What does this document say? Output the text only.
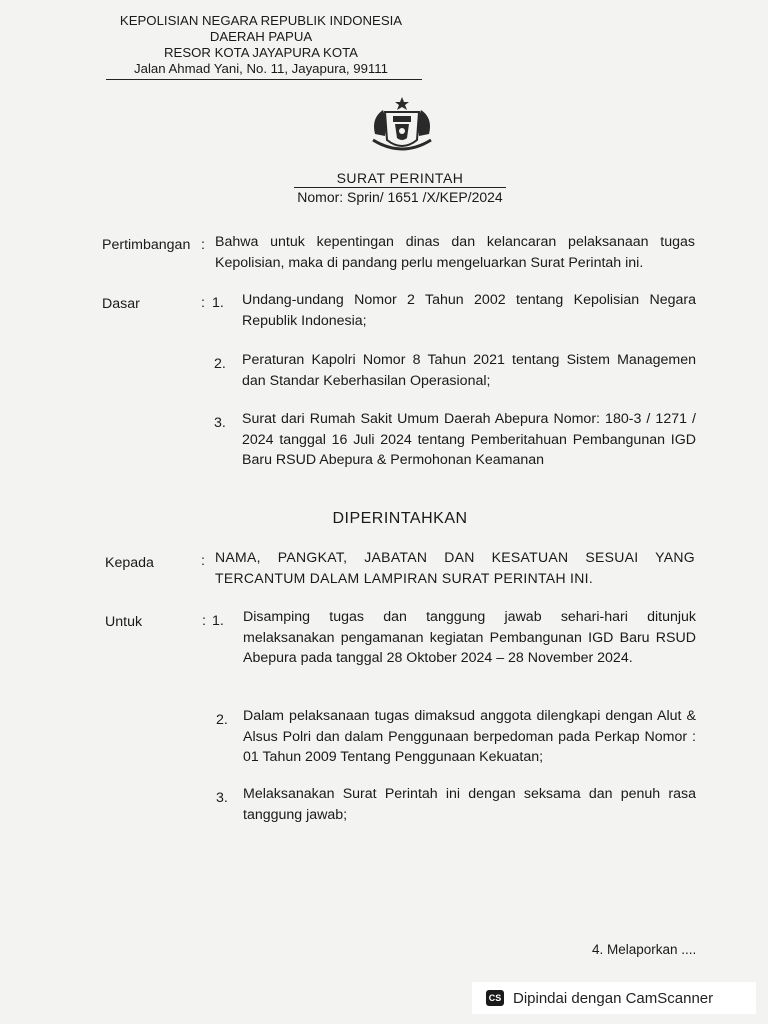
KEPOLISIAN NEGARA REPUBLIK INDONESIA
DAERAH PAPUA
RESOR KOTA JAYAPURA KOTA
Jalan Ahmad Yani, No. 11, Jayapura, 99111
SURAT PERINTAH
Nomor: Sprin/ 1651 /X/KEP/2024
Pertimbangan : Bahwa untuk kepentingan dinas dan kelancaran pelaksanaan tugas Kepolisian, maka di pandang perlu mengeluarkan Surat Perintah ini.
Dasar	: 1. Undang-undang Nomor 2 Tahun 2002 tentang Kepolisian Negara Republik Indonesia;
2. Peraturan Kapolri Nomor 8 Tahun 2021 tentang Sistem Managemen dan Standar Keberhasilan Operasional;
3. Surat dari Rumah Sakit Umum Daerah Abepura Nomor: 180-3 / 1271 / 2024 tanggal 16 Juli 2024 tentang Pemberitahuan Pembangunan IGD Baru RSUD Abepura & Permohonan Keamanan
DIPERINTAHKAN
Kepada	: NAMA, PANGKAT, JABATAN DAN KESATUAN SESUAI YANG TERCANTUM DALAM LAMPIRAN SURAT PERINTAH INI.
Untuk	: 1. Disamping tugas dan tanggung jawab sehari-hari ditunjuk melaksanakan pengamanan kegiatan Pembangunan IGD Baru RSUD Abepura pada tanggal 28 Oktober 2024 – 28 November 2024.
2. Dalam pelaksanaan tugas dimaksud anggota dilengkapi dengan Alut & Alsus Polri dan dalam Penggunaan berpedoman pada Perkap Nomor : 01 Tahun 2009 Tentang Penggunaan Kekuatan;
3. Melaksanakan Surat Perintah ini dengan seksama dan penuh rasa tanggung jawab;
4. Melaporkan ....
CS Dipindai dengan CamScanner
